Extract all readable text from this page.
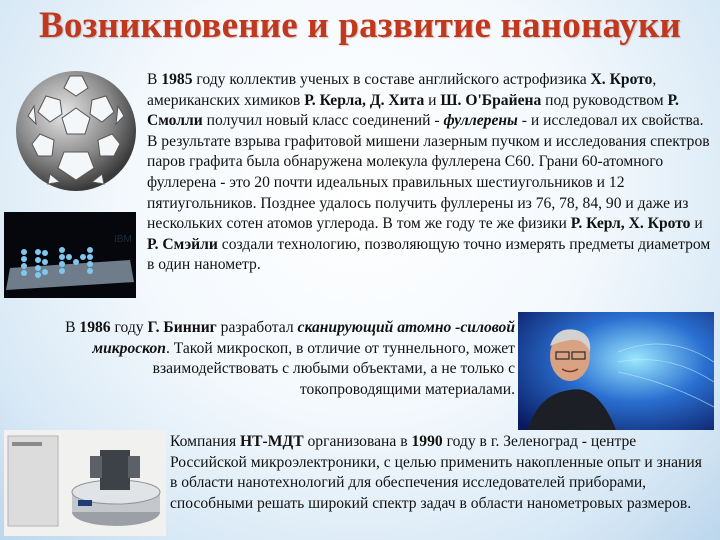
Возникновение и развитие нанонауки
IBM
В 1985 году коллектив ученых в составе английского астрофизика Х. Крото, американских химиков Р. Керла, Д. Хита и Ш. О'Брайена под руководством Р. Смолли получил новый класс соединений - фуллерены - и исследовал их свойства. В результате взрыва графитовой мишени лазерным пучком и исследования спектров паров графита была обнаружена молекула фуллерена С60. Грани 60-атомного фуллерена - это 20 почти идеальных правильных шестиугольников и 12 пятиугольников. Позднее удалось получить фуллерены из 76, 78, 84, 90 и даже из нескольких сотен атомов углерода. В том же году те же физики Р. Керл, Х. Крото и Р. Смэйли создали технологию, позволяющую точно измерять предметы диаметром в один нанометр.
В 1986 году Г. Бинниг разработал сканирующий атомно -силовой микроскоп. Такой микроскоп, в отличие от туннельного, может взаимодействовать с любыми объектами, а не только с токопроводящими материалами.
Компания НТ-МДТ организована в 1990 году в г. Зеленоград - центре Российской микроэлектроники, с целью применить накопленные опыт и знания в области нанотехнологий для обеспечения исследователей приборами, способными решать широкий спектр задач в области нанометровых размеров.
